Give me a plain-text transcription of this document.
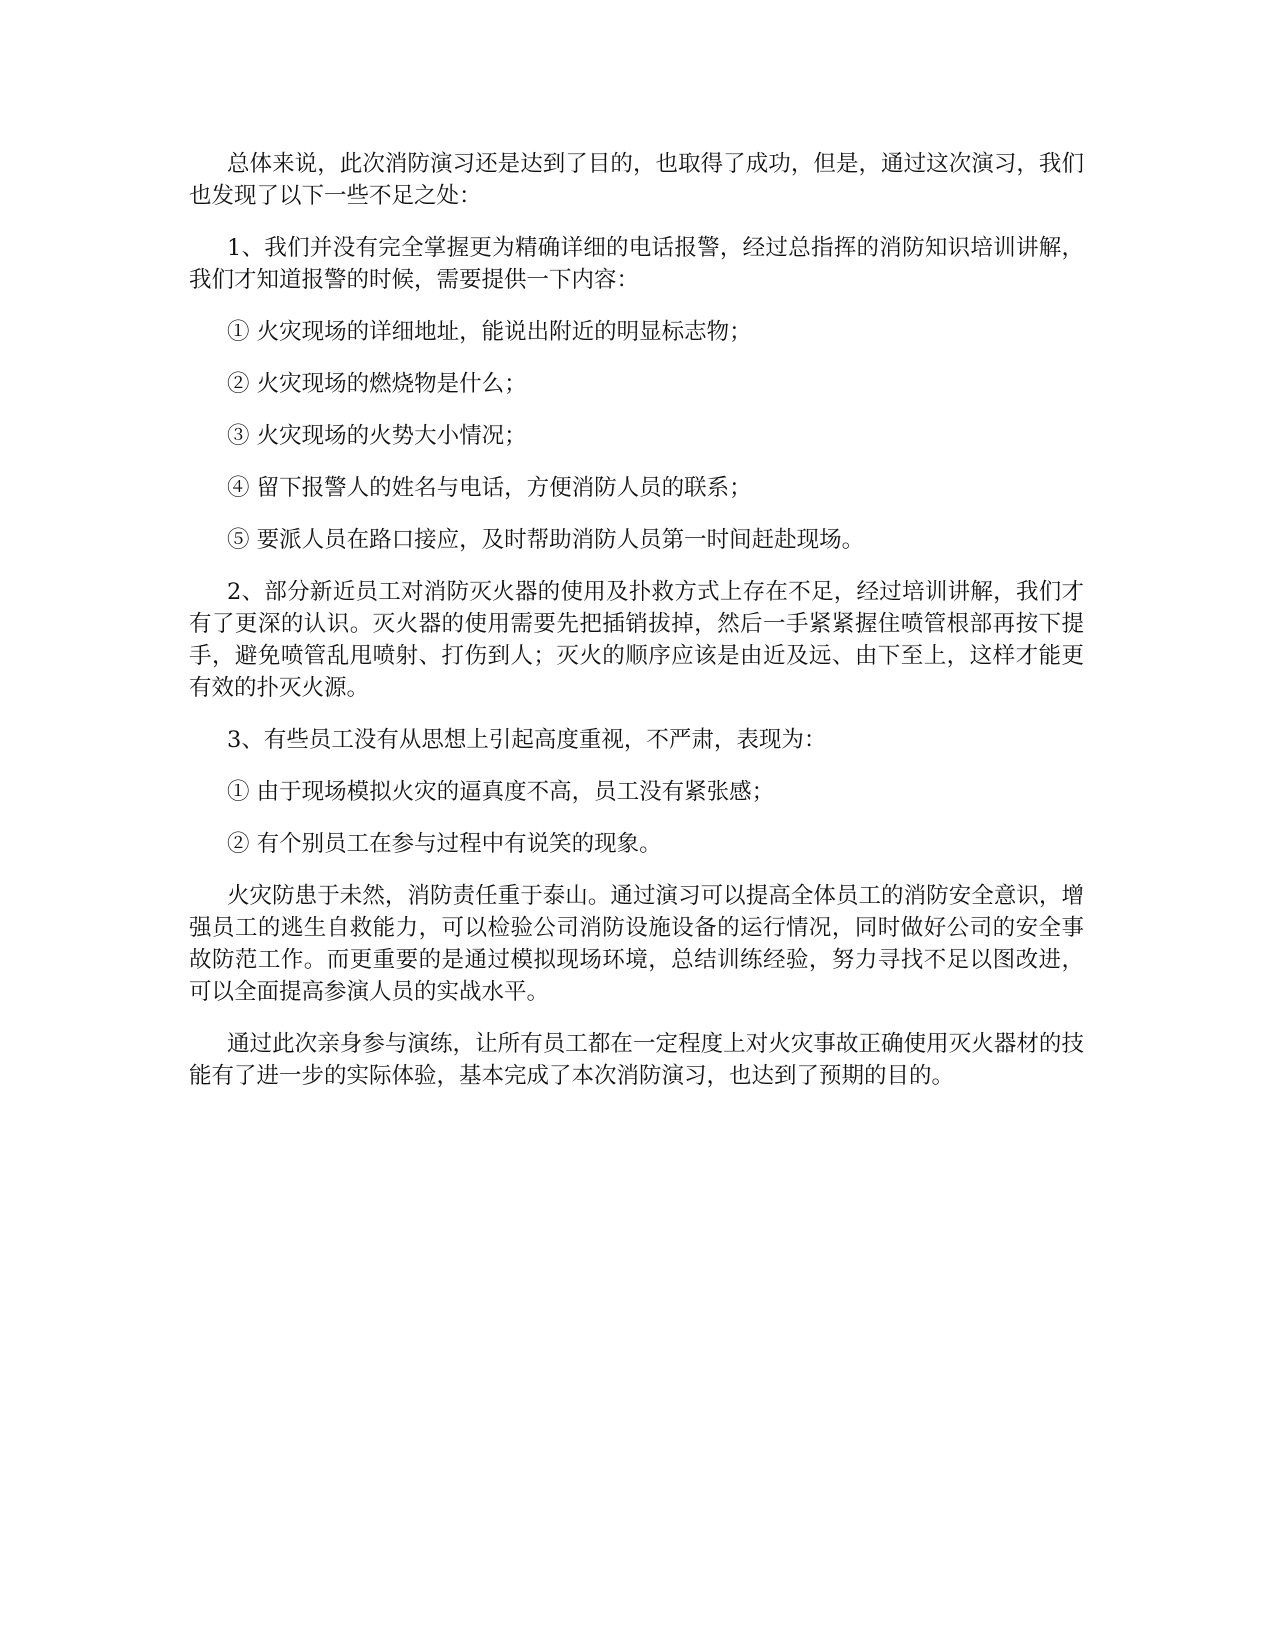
总体来说，此次消防演习还是达到了目的，也取得了成功，但是，通过这次演习，我们也发现了以下一些不足之处：

1、我们并没有完全掌握更为精确详细的电话报警，经过总指挥的消防知识培训讲解，我们才知道报警的时候，需要提供一下内容：

① 火灾现场的详细地址，能说出附近的明显标志物；

② 火灾现场的燃烧物是什么；

③ 火灾现场的火势大小情况；

④ 留下报警人的姓名与电话，方便消防人员的联系；

⑤ 要派人员在路口接应，及时帮助消防人员第一时间赶赴现场。

2、部分新近员工对消防灭火器的使用及扑救方式上存在不足，经过培训讲解，我们才有了更深的认识。灭火器的使用需要先把插销拔掉，然后一手紧紧握住喷管根部再按下提手，避免喷管乱甩喷射、打伤到人；灭火的顺序应该是由近及远、由下至上，这样才能更有效的扑灭火源。

3、有些员工没有从思想上引起高度重视，不严肃，表现为：

① 由于现场模拟火灾的逼真度不高，员工没有紧张感；

② 有个别员工在参与过程中有说笑的现象。

火灾防患于未然，消防责任重于泰山。通过演习可以提高全体员工的消防安全意识，增强员工的逃生自救能力，可以检验公司消防设施设备的运行情况，同时做好公司的安全事故防范工作。而更重要的是通过模拟现场环境，总结训练经验，努力寻找不足以图改进，可以全面提高参演人员的实战水平。

通过此次亲身参与演练，让所有员工都在一定程度上对火灾事故正确使用灭火器材的技能有了进一步的实际体验，基本完成了本次消防演习，也达到了预期的目的。
